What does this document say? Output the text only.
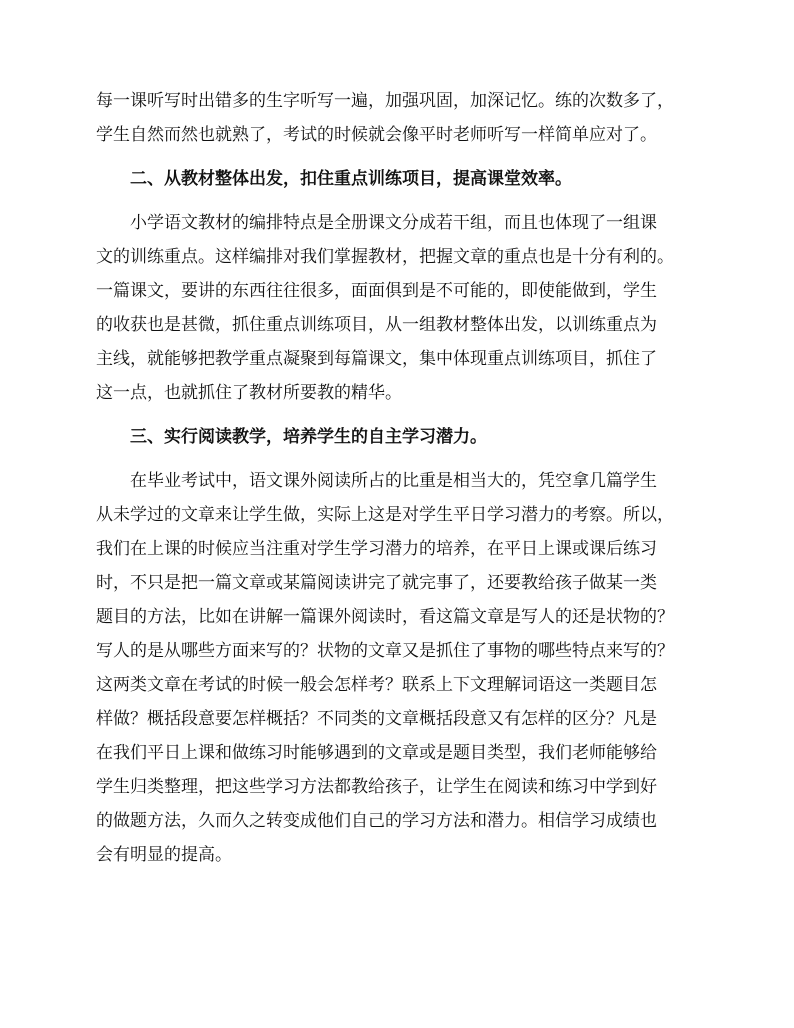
每一课听写时出错多的生字听写一遍，加强巩固，加深记忆。练的次数多了，
学生自然而然也就熟了，考试的时候就会像平时老师听写一样简单应对了。
二、从教材整体出发，扣住重点训练项目，提高课堂效率。
小学语文教材的编排特点是全册课文分成若干组，而且也体现了一组课
文的训练重点。这样编排对我们掌握教材，把握文章的重点也是十分有利的。
一篇课文，要讲的东西往往很多，面面俱到是不可能的，即使能做到，学生
的收获也是甚微，抓住重点训练项目，从一组教材整体出发，以训练重点为
主线，就能够把教学重点凝聚到每篇课文，集中体现重点训练项目，抓住了
这一点，也就抓住了教材所要教的精华。
三、实行阅读教学，培养学生的自主学习潜力。
在毕业考试中，语文课外阅读所占的比重是相当大的，凭空拿几篇学生
从未学过的文章来让学生做，实际上这是对学生平日学习潜力的考察。所以，
我们在上课的时候应当注重对学生学习潜力的培养，在平日上课或课后练习
时，不只是把一篇文章或某篇阅读讲完了就完事了，还要教给孩子做某一类
题目的方法，比如在讲解一篇课外阅读时，看这篇文章是写人的还是状物的？
写人的是从哪些方面来写的？状物的文章又是抓住了事物的哪些特点来写的？
这两类文章在考试的时候一般会怎样考？联系上下文理解词语这一类题目怎
样做？概括段意要怎样概括？不同类的文章概括段意又有怎样的区分？凡是
在我们平日上课和做练习时能够遇到的文章或是题目类型，我们老师能够给
学生归类整理，把这些学习方法都教给孩子，让学生在阅读和练习中学到好
的做题方法，久而久之转变成他们自己的学习方法和潜力。相信学习成绩也
会有明显的提高。
